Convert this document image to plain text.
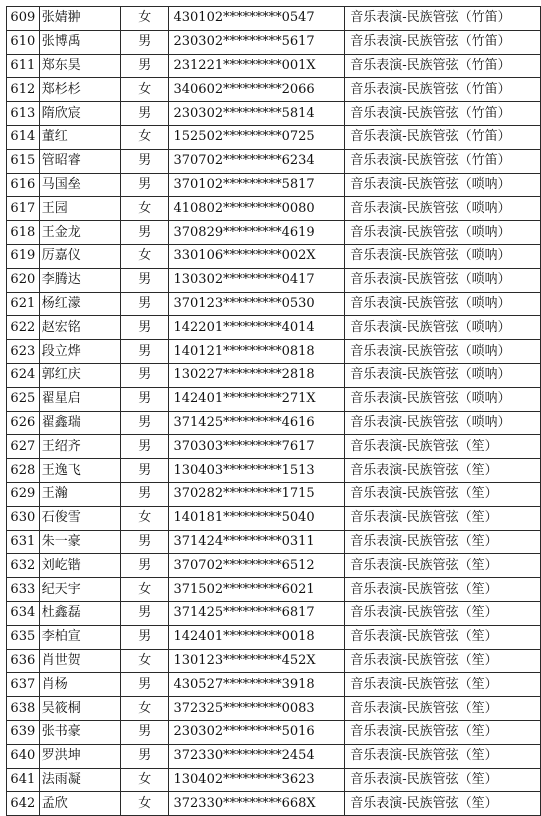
609	张婧翀	女	430102*********0547	音乐表演-民族管弦（竹笛）
610	张博禹	男	230302*********5617	音乐表演-民族管弦（竹笛）
611	郑东昊	男	231221*********001X	音乐表演-民族管弦（竹笛）
612	郑杉杉	女	340602*********2066	音乐表演-民族管弦（竹笛）
613	隋欣宸	男	230302*********5814	音乐表演-民族管弦（竹笛）
614	董红	女	152502*********0725	音乐表演-民族管弦（竹笛）
615	管昭睿	男	370702*********6234	音乐表演-民族管弦（竹笛）
616	马国垒	男	370102*********5817	音乐表演-民族管弦（唢呐）
617	王园	女	410802*********0080	音乐表演-民族管弦（唢呐）
618	王金龙	男	370829*********4619	音乐表演-民族管弦（唢呐）
619	厉嘉仪	女	330106*********002X	音乐表演-民族管弦（唢呐）
620	李腾达	男	130302*********0417	音乐表演-民族管弦（唢呐）
621	杨红濛	男	370123*********0530	音乐表演-民族管弦（唢呐）
622	赵宏铭	男	142201*********4014	音乐表演-民族管弦（唢呐）
623	段立烨	男	140121*********0818	音乐表演-民族管弦（唢呐）
624	郭红庆	男	130227*********2818	音乐表演-民族管弦（唢呐）
625	翟星启	男	142401*********271X	音乐表演-民族管弦（唢呐）
626	翟鑫瑞	男	371425*********4616	音乐表演-民族管弦（唢呐）
627	王绍齐	男	370303*********7617	音乐表演-民族管弦（笙）
628	王逸飞	男	130403*********1513	音乐表演-民族管弦（笙）
629	王瀚	男	370282*********1715	音乐表演-民族管弦（笙）
630	石俊雪	女	140181*********5040	音乐表演-民族管弦（笙）
631	朱一豪	男	371424*********0311	音乐表演-民族管弦（笙）
632	刘屹锴	男	370702*********6512	音乐表演-民族管弦（笙）
633	纪天宇	女	371502*********6021	音乐表演-民族管弦（笙）
634	杜鑫磊	男	371425*********6817	音乐表演-民族管弦（笙）
635	李柏宣	男	142401*********0018	音乐表演-民族管弦（笙）
636	肖世贺	女	130123*********452X	音乐表演-民族管弦（笙）
637	肖杨	男	430527*********3918	音乐表演-民族管弦（笙）
638	吴筱桐	女	372325*********0083	音乐表演-民族管弦（笙）
639	张书豪	男	230302*********5016	音乐表演-民族管弦（笙）
640	罗洪坤	男	372330*********2454	音乐表演-民族管弦（笙）
641	法雨凝	女	130402*********3623	音乐表演-民族管弦（笙）
642	孟欣	女	372330*********668X	音乐表演-民族管弦（笙）
